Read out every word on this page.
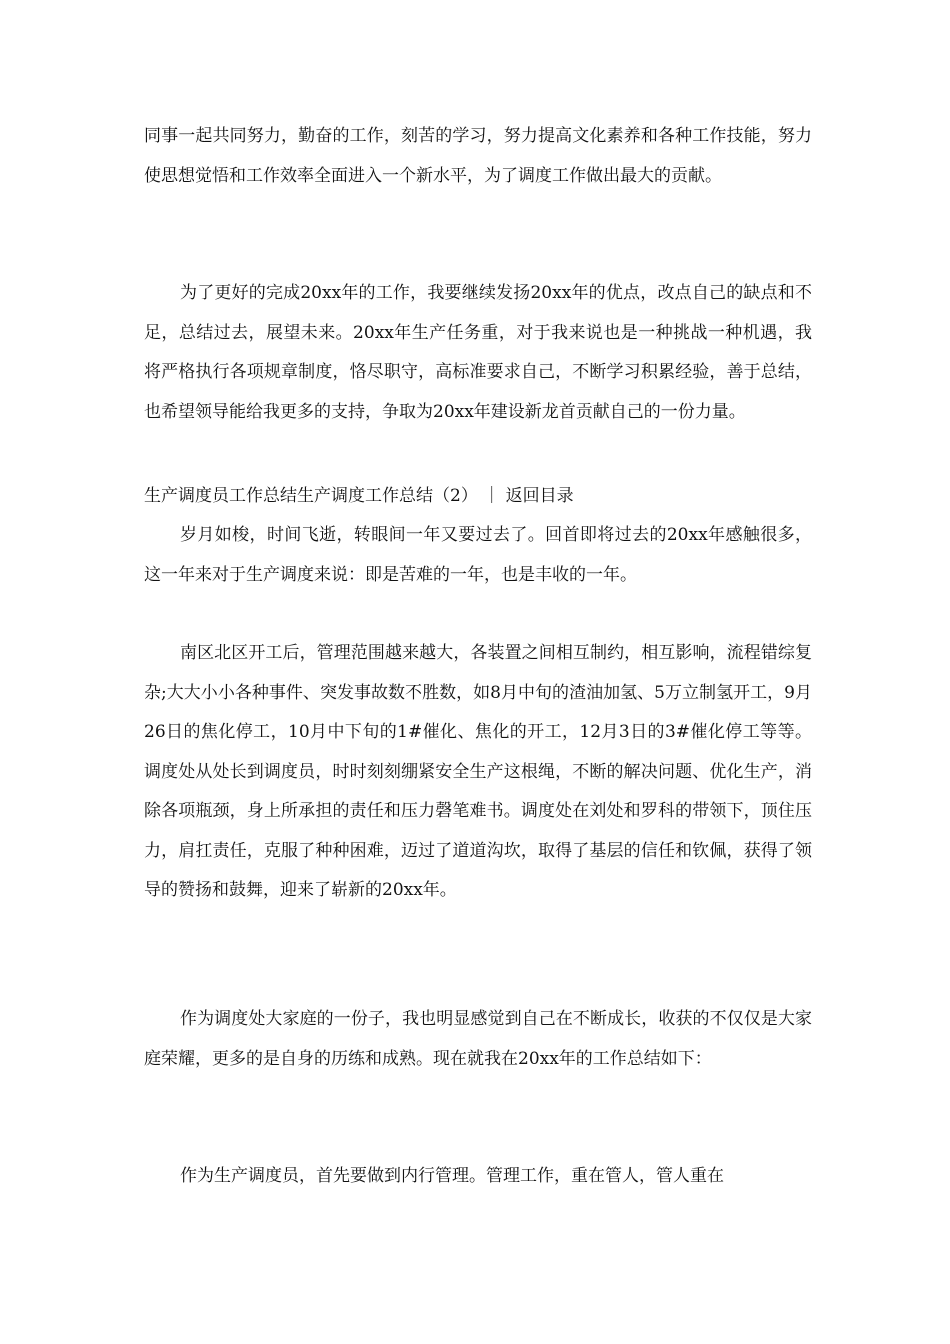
同事一起共同努力，勤奋的工作，刻苦的学习，努力提高文化素养和各种工作技能，努力使思想觉悟和工作效率全面进入一个新水平，为了调度工作做出最大的贡献。

为了更好的完成20xx年的工作，我要继续发扬20xx年的优点，改点自己的缺点和不足，总结过去，展望未来。20xx年生产任务重，对于我来说也是一种挑战一种机遇，我将严格执行各项规章制度，恪尽职守，高标准要求自己，不断学习积累经验，善于总结，也希望领导能给我更多的支持，争取为20xx年建设新龙首贡献自己的一份力量。

生产调度员工作总结生产调度工作总结（2） ｜ 返回目录

岁月如梭，时间飞逝，转眼间一年又要过去了。回首即将过去的20xx年感触很多，这一年来对于生产调度来说：即是苦难的一年，也是丰收的一年。

南区北区开工后，管理范围越来越大，各装置之间相互制约，相互影响，流程错综复杂;大大小小各种事件、突发事故数不胜数，如8月中旬的渣油加氢、5万立制氢开工，9月26日的焦化停工，10月中下旬的1#催化、焦化的开工，12月3日的3#催化停工等等。调度处从处长到调度员，时时刻刻绷紧安全生产这根绳，不断的解决问题、优化生产，消除各项瓶颈，身上所承担的责任和压力磬笔难书。调度处在刘处和罗科的带领下，顶住压力，肩扛责任，克服了种种困难，迈过了道道沟坎，取得了基层的信任和钦佩，获得了领导的赞扬和鼓舞，迎来了崭新的20xx年。

作为调度处大家庭的一份子，我也明显感觉到自己在不断成长，收获的不仅仅是大家庭荣耀，更多的是自身的历练和成熟。现在就我在20xx年的工作总结如下：

作为生产调度员，首先要做到内行管理。管理工作，重在管人，管人重在
